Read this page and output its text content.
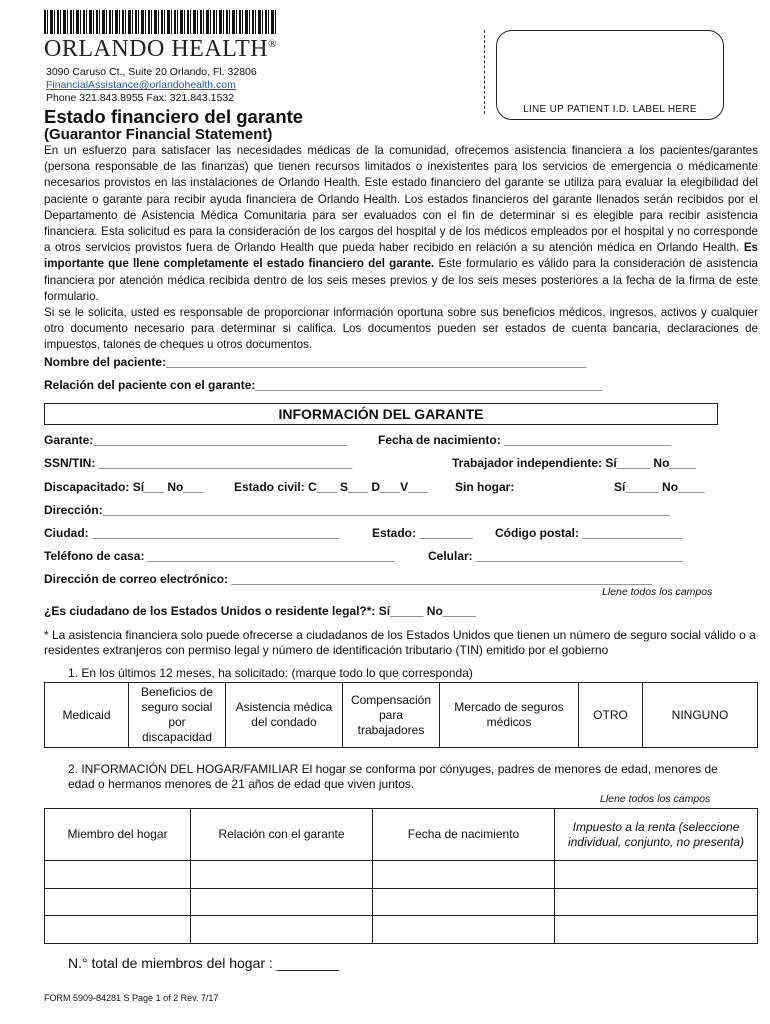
ORLANDO HEALTH®
3090 Caruso Ct., Suite 20 Orlando, Fl. 32806
FinancialAssistance@orlandohealth.com
Phone 321.843.8955 Fax: 321.843.1532
LINE UP PATIENT I.D. LABEL HERE
Estado financiero del garante
(Guarantor Financial Statement)
En un esfuerzo para satisfacer las necesidades médicas de la comunidad, ofrecemos asistencia financiera a los pacientes/garantes (persona responsable de las finanzas) que tienen recursos limitados o inexistentes para los servicios de emergencia o médicamente necesarios provistos en las instalaciones de Orlando Health. Este estado financiero del garante se utiliza para evaluar la elegibilidad del paciente o garante para recibir ayuda financiera de Orlando Health. Los estados financieros del garante llenados serán recibidos por el Departamento de Asistencia Médica Comunitaria para ser evaluados con el fin de determinar si es elegible para recibir asistencia financiera. Esta solicitud es para la consideración de los cargos del hospital y de los médicos empleados por el hospital y no corresponde a otros servicios provistos fuera de Orlando Health que pueda haber recibido en relación a su atención médica en Orlando Health. Es importante que llene completamente el estado financiero del garante. Este formulario es válido para la consideración de asistencia financiera por atención médica recibida dentro de los seis meses previos y de los seis meses posteriores a la fecha de la firma de este formulario.
Si se le solicita, usted es responsable de proporcionar información oportuna sobre sus beneficios médicos, ingresos, activos y cualquier otro documento necesario para determinar si califica. Los documentos pueden ser estados de cuenta bancaria, declaraciones de impuestos, talones de cheques u otros documentos.
Nombre del paciente:_______________________________________________________________
Relación del paciente con el garante:____________________________________________________
INFORMACIÓN DEL GARANTE
Garante:______________________________________	Fecha de nacimiento: _________________________
SSN/TIN: ______________________________________	Trabajador independiente: Sí_____ No____
Discapacitado: Sí___ No___	Estado civil: C___ S___ D___V___ Sin hogar:	Sí_____ No____
Dirección:_____________________________________________________________________________________
Ciudad: _____________________________________	Estado: ________ Código postal: _______________
Teléfono de casa: _____________________________________	Celular: _______________________________
Dirección de correo electrónico: _______________________________________________________________
Llene todos los campos
¿Es ciudadano de los Estados Unidos o residente legal?*: Sí_____ No_____
* La asistencia financiera solo puede ofrecerse a ciudadanos de los Estados Unidos que tienen un número de seguro social válido o a residentes extranjeros con permiso legal y número de identificación tributario (TIN) emitido por el gobierno
1. En los últimos 12 meses, ha solicitado: (marque todo lo que corresponda)
Medicaid	Beneficios de seguro social por discapacidad	Asistencia médica del condado	Compensación para trabajadores	Mercado de seguros médicos	OTRO	NINGUNO
2. INFORMACIÓN DEL HOGAR/FAMILIAR El hogar se conforma por cónyuges, padres de menores de edad, menores de edad o hermanos menores de 21 años de edad que viven juntos.
Llene todos los campos
Miembro del hogar	Relación con el garante	Fecha de nacimiento	Impuesto a la renta (seleccione individual, conjunto, no presenta)

N.° total de miembros del hogar : ________
FORM 5909-84281 S Page 1 of 2 Rev. 7/17
